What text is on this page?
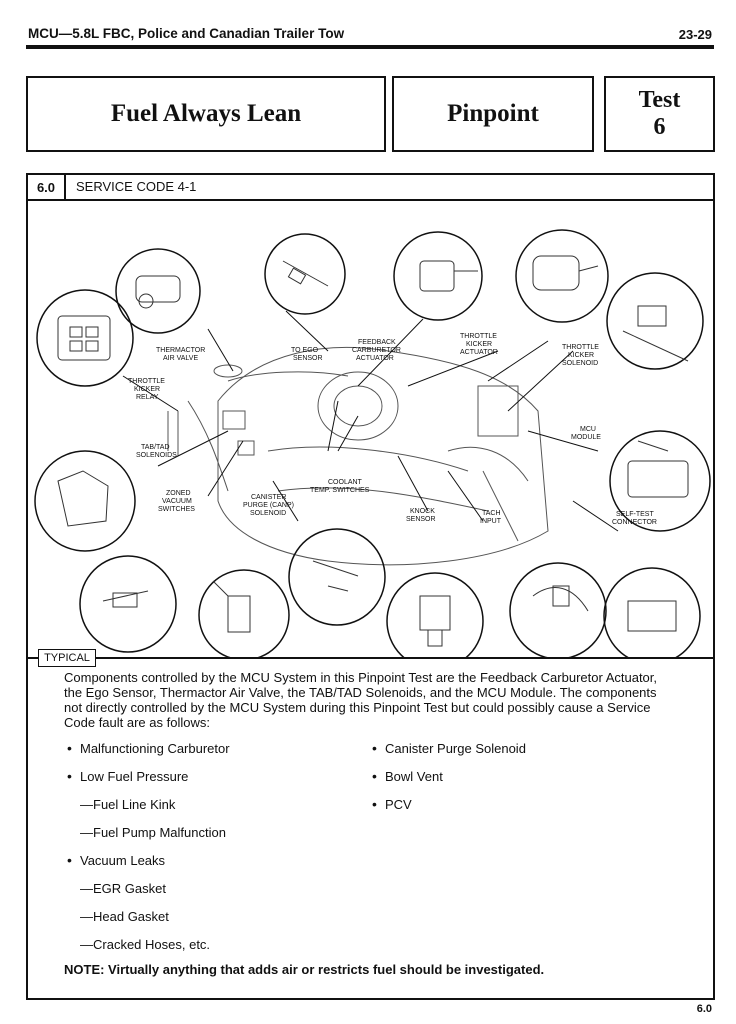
MCU—5.8L FBC, Police and Canadian Trailer Tow	23-29
Fuel Always Lean	Pinpoint	Test
6
6.0	SERVICE CODE 4-1
THERMACTOR
AIR VALVE
TO EGO
SENSOR
FEEDBACK
CARBURETOR
ACTUATOR
THROTTLE
KICKER
ACTUATOR
THROTTLE
KICKER
SOLENOID
THROTTLE
KICKER
RELAY
TAB/TAD
SOLENOIDS
MCU
MODULE
COOLANT
TEMP. SWITCHES
ZONED
VACUUM
SWITCHES
CANISTER
PURGE (CANP)
SOLENOID	KNOCK
SENSOR
TACH
INPUT
SELF-TEST
CONNECTOR
TYPICAL
Components controlled by the MCU System in this Pinpoint Test are the Feedback Carburetor Actuator, the Ego Sensor, Thermactor Air Valve, the TAB/TAD Solenoids, and the MCU Module. The components not directly controlled by the MCU System during this Pinpoint Test but could possibly cause a Service Code fault are as follows:
• Malfunctioning Carburetor
• Low Fuel Pressure
—Fuel Line Kink
—Fuel Pump Malfunction
• Vacuum Leaks
—EGR Gasket
—Head Gasket
—Cracked Hoses, etc.
• Canister Purge Solenoid
• Bowl Vent
• PCV
NOTE: Virtually anything that adds air or restricts fuel should be investigated.
6.0
